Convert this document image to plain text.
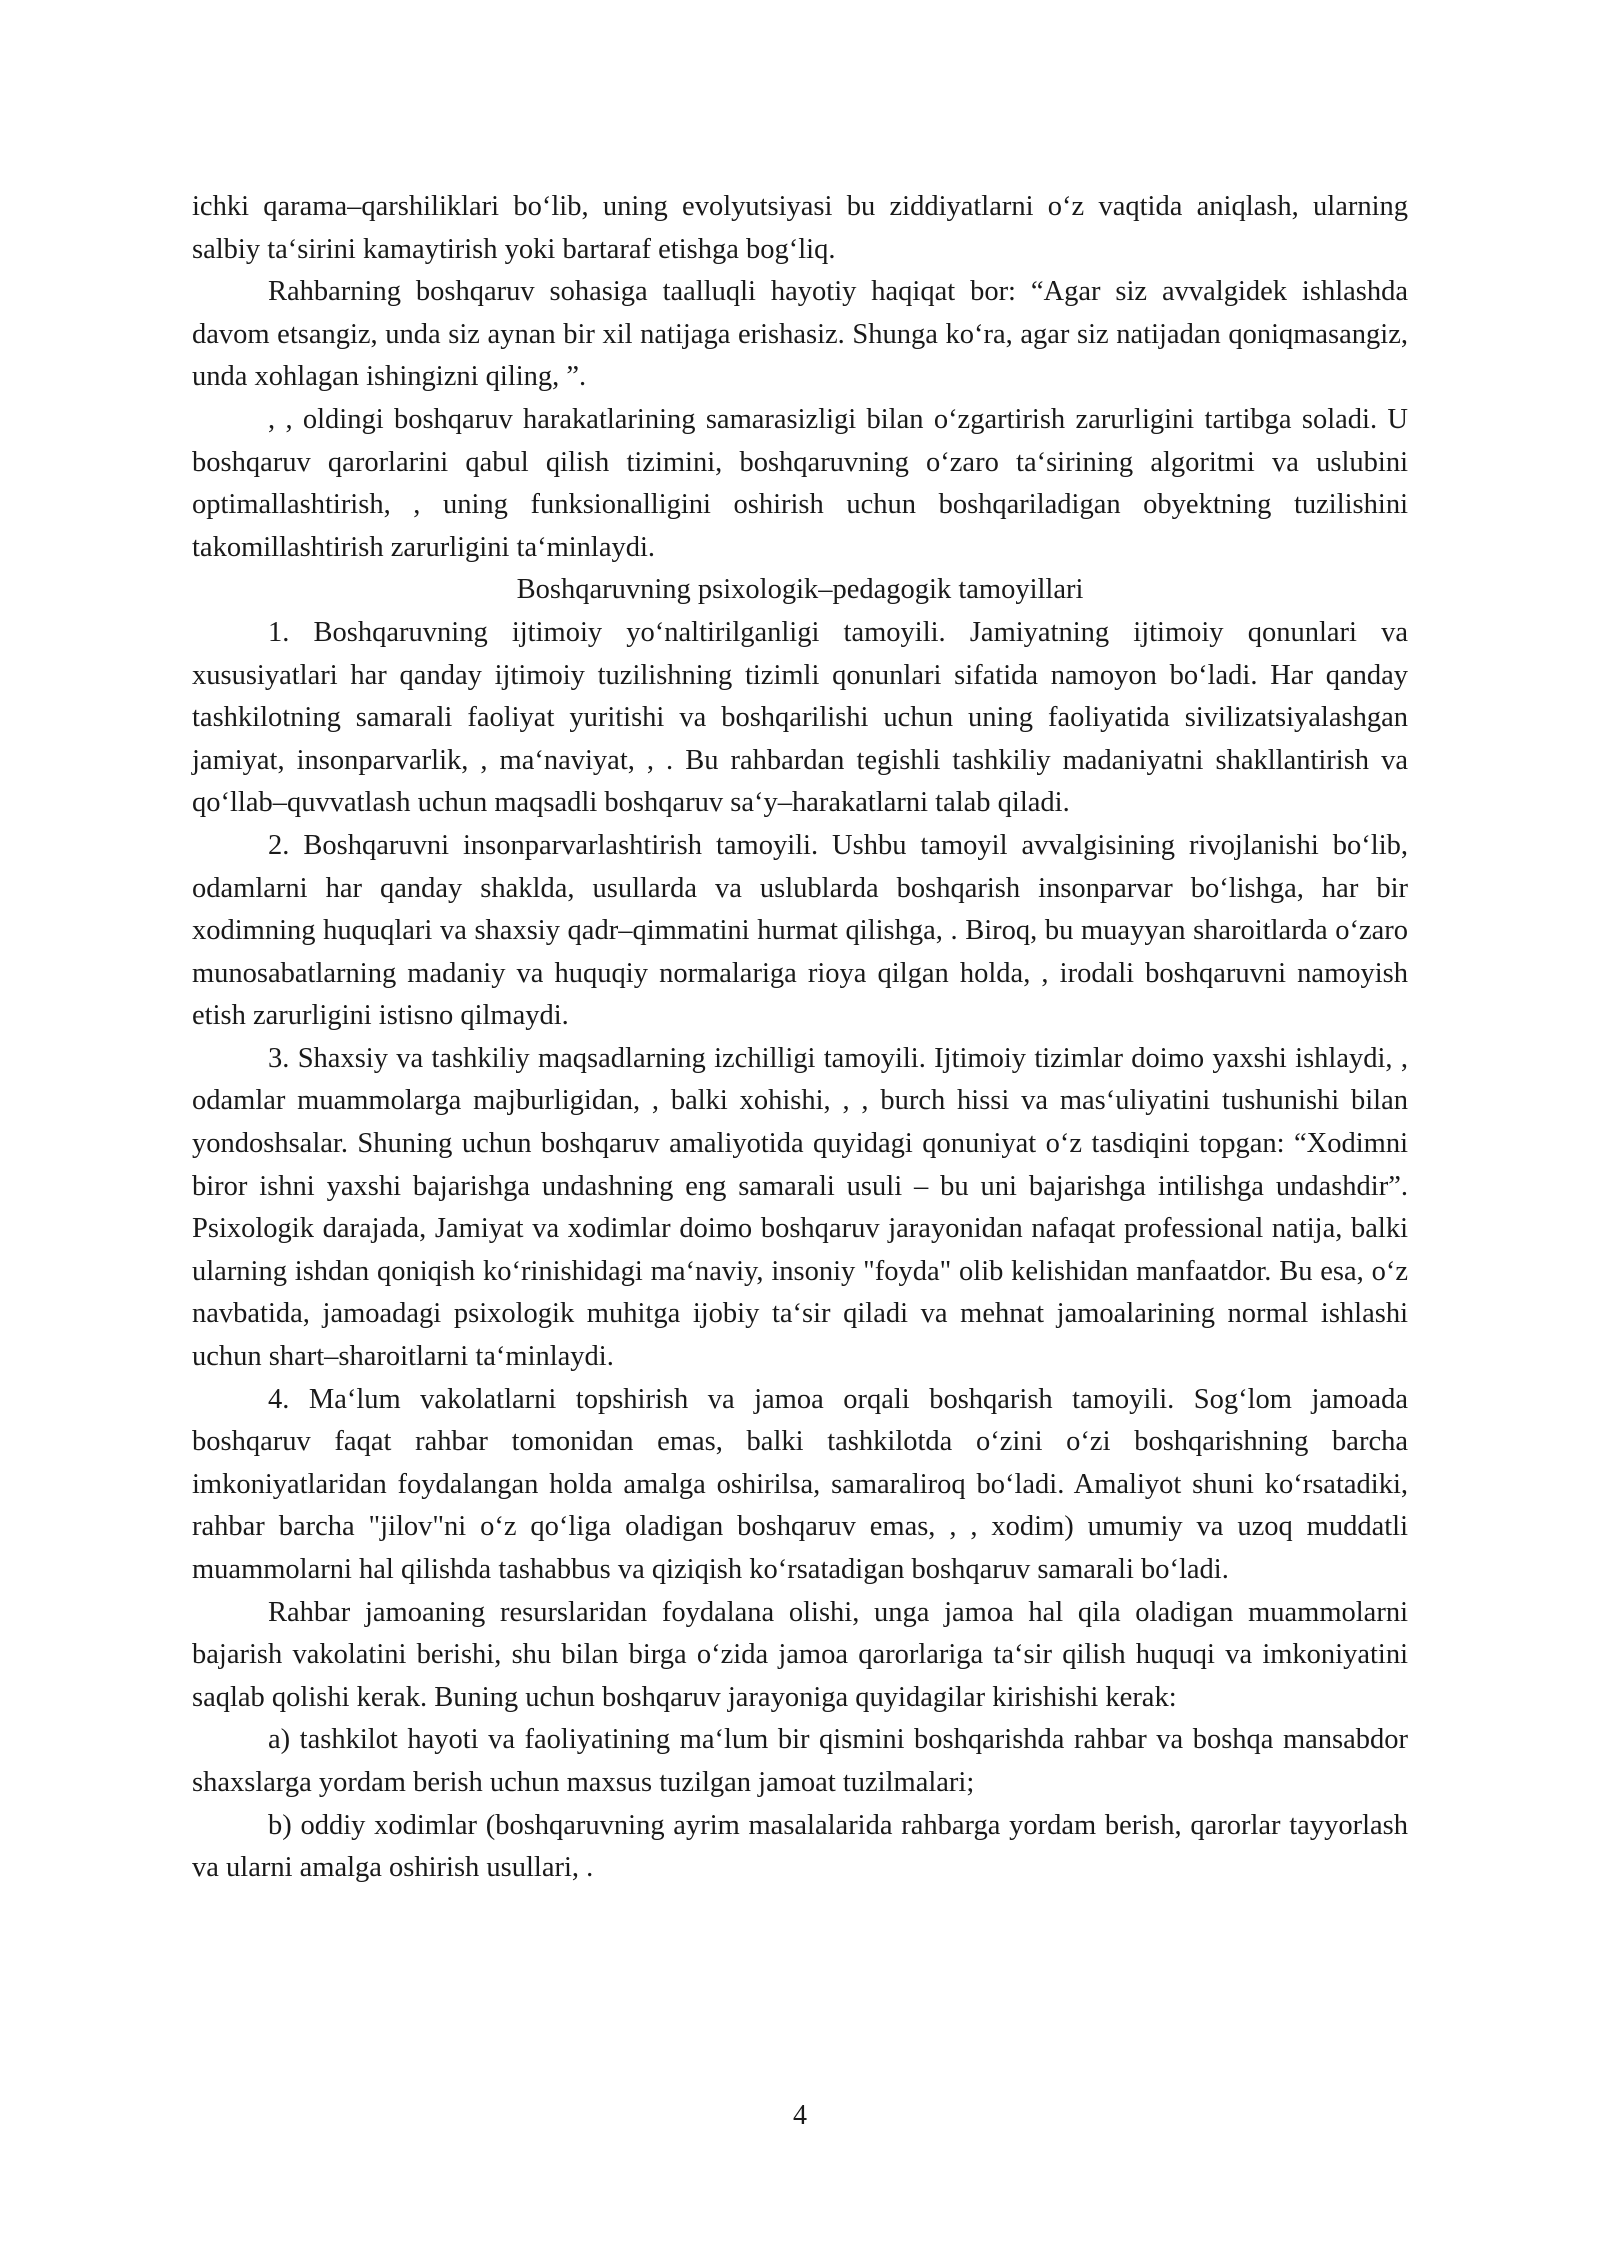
ichki qarama–qarshiliklari bo‘lib, uning evolyutsiyasi bu ziddiyatlarni o‘z vaqtida aniqlash, ularning salbiy ta‘sirini kamaytirish yoki bartaraf etishga bog‘liq.

Rahbarning boshqaruv sohasiga taalluqli hayotiy haqiqat bor: “Agar siz avvalgidek ishlashda davom etsangiz, unda siz aynan bir xil natijaga erishasiz. Shunga ko‘ra, agar siz natijadan qoniqmasangiz, unda xohlagan ishingizni qiling, ”.

, , oldingi boshqaruv harakatlarining samarasizligi bilan o‘zgartirish zarurligini tartibga soladi. U boshqaruv qarorlarini qabul qilish tizimini, boshqaruvning o‘zaro ta‘sirining algoritmi va uslubini optimallashtirish, , uning funksionalligini oshirish uchun boshqariladigan obyektning tuzilishini takomillashtirish zarurligini ta‘minlaydi.

Boshqaruvning psixologik–pedagogik tamoyillari

1. Boshqaruvning ijtimoiy yo‘naltirilganligi tamoyili. Jamiyatning ijtimoiy qonunlari va xususiyatlari har qanday ijtimoiy tuzilishning tizimli qonunlari sifatida namoyon bo‘ladi. Har qanday tashkilotning samarali faoliyat yuritishi va boshqarilishi uchun uning faoliyatida sivilizatsiyalashgan jamiyat, insonparvarlik, , ma‘naviyat, , . Bu rahbardan tegishli tashkiliy madaniyatni shakllantirish va qo‘llab–quvvatlash uchun maqsadli boshqaruv sa‘y–harakatlarni talab qiladi.

2. Boshqaruvni insonparvarlashtirish tamoyili. Ushbu tamoyil avvalgisining rivojlanishi bo‘lib, odamlarni har qanday shaklda, usullarda va uslublarda boshqarish insonparvar bo‘lishga, har bir xodimning huquqlari va shaxsiy qadr–qimmatini hurmat qilishga, . Biroq, bu muayyan sharoitlarda o‘zaro munosabatlarning madaniy va huquqiy normalariga rioya qilgan holda, , irodali boshqaruvni namoyish etish zarurligini istisno qilmaydi.

3. Shaxsiy va tashkiliy maqsadlarning izchilligi tamoyili. Ijtimoiy tizimlar doimo yaxshi ishlaydi, , odamlar muammolarga majburligidan, , balki xohishi, , , burch hissi va mas‘uliyatini tushunishi bilan yondoshsalar. Shuning uchun boshqaruv amaliyotida quyidagi qonuniyat o‘z tasdiqini topgan: “Xodimni biror ishni yaxshi bajarishga undashning eng samarali usuli – bu uni bajarishga intilishga undashdir”. Psixologik darajada, Jamiyat va xodimlar doimo boshqaruv jarayonidan nafaqat professional natija, balki ularning ishdan qoniqish ko‘rinishidagi ma‘naviy, insoniy "foyda" olib kelishidan manfaatdor. Bu esa, o‘z navbatida, jamoadagi psixologik muhitga ijobiy ta‘sir qiladi va mehnat jamoalarining normal ishlashi uchun shart–sharoitlarni ta‘minlaydi.

4. Ma‘lum vakolatlarni topshirish va jamoa orqali boshqarish tamoyili. Sog‘lom jamoada boshqaruv faqat rahbar tomonidan emas, balki tashkilotda o‘zini o‘zi boshqarishning barcha imkoniyatlaridan foydalangan holda amalga oshirilsa, samaraliroq bo‘ladi. Amaliyot shuni ko‘rsatadiki, rahbar barcha "jilov"ni o‘z qo‘liga oladigan boshqaruv emas, , , xodim) umumiy va uzoq muddatli muammolarni hal qilishda tashabbus va qiziqish ko‘rsatadigan boshqaruv samarali bo‘ladi.

Rahbar jamoaning resurslaridan foydalana olishi, unga jamoa hal qila oladigan muammolarni bajarish vakolatini berishi, shu bilan birga o‘zida jamoa qarorlariga ta‘sir qilish huquqi va imkoniyatini saqlab qolishi kerak. Buning uchun boshqaruv jarayoniga quyidagilar kirishishi kerak:

a) tashkilot hayoti va faoliyatining ma‘lum bir qismini boshqarishda rahbar va boshqa mansabdor shaxslarga yordam berish uchun maxsus tuzilgan jamoat tuzilmalari;

b) oddiy xodimlar (boshqaruvning ayrim masalalarida rahbarga yordam berish, qarorlar tayyorlash va ularni amalga oshirish usullari, .

4
